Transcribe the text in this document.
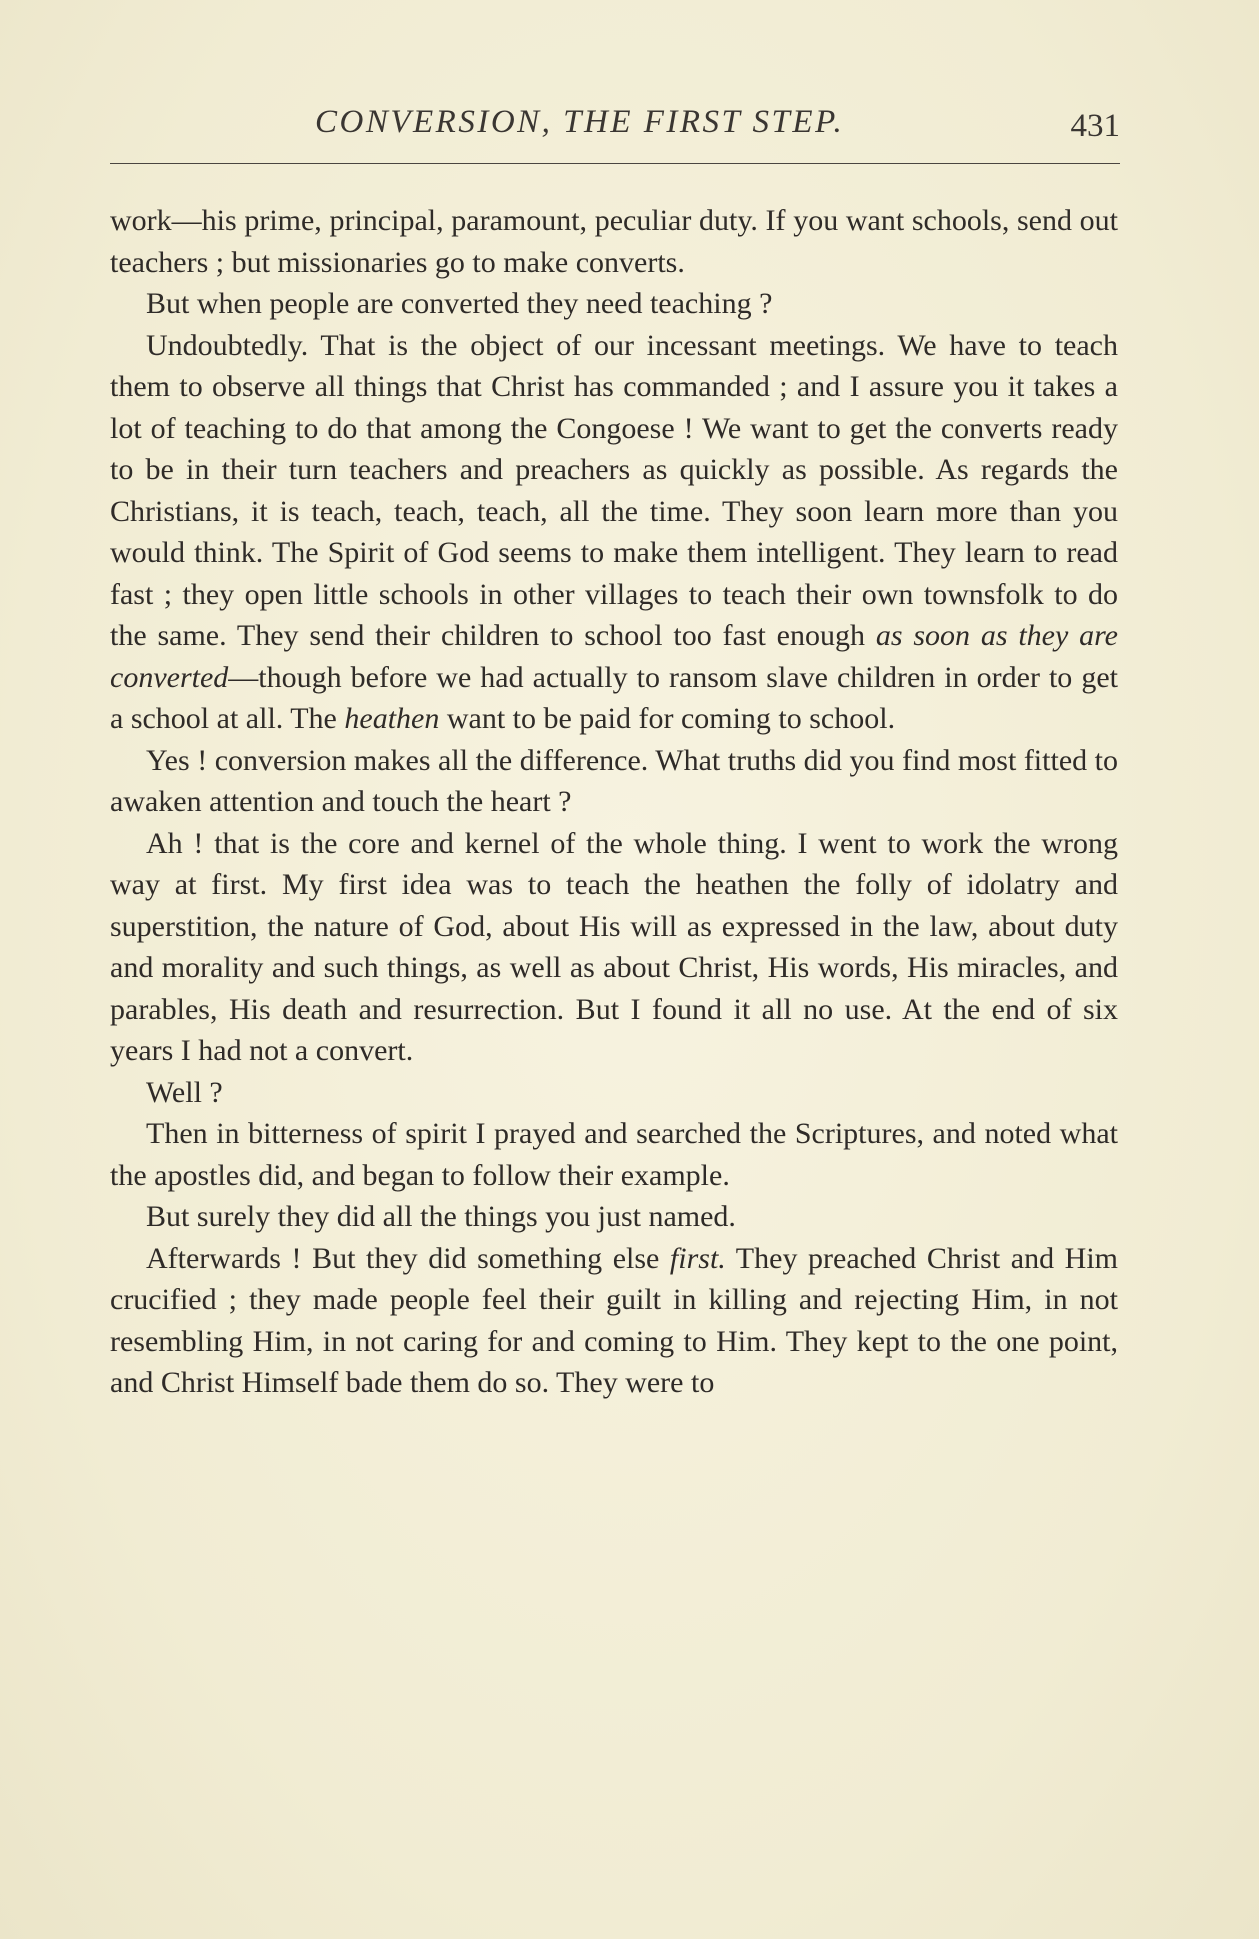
CONVERSION, THE FIRST STEP.	431

work—his prime, principal, paramount, peculiar duty. If you want schools, send out teachers ; but missionaries go to make converts.

But when people are converted they need teaching ?

Undoubtedly. That is the object of our incessant meetings. We have to teach them to observe all things that Christ has commanded ; and I assure you it takes a lot of teaching to do that among the Congoese ! We want to get the converts ready to be in their turn teachers and preachers as quickly as possible. As regards the Christians, it is teach, teach, teach, all the time. They soon learn more than you would think. The Spirit of God seems to make them intelligent. They learn to read fast ; they open little schools in other villages to teach their own townsfolk to do the same. They send their children to school too fast enough as soon as they are converted—though before we had actually to ransom slave children in order to get a school at all. The heathen want to be paid for coming to school.

Yes ! conversion makes all the difference. What truths did you find most fitted to awaken attention and touch the heart ?

Ah ! that is the core and kernel of the whole thing. I went to work the wrong way at first. My first idea was to teach the heathen the folly of idolatry and superstition, the nature of God, about His will as expressed in the law, about duty and morality and such things, as well as about Christ, His words, His miracles, and parables, His death and resurrection. But I found it all no use. At the end of six years I had not a convert.

Well ?

Then in bitterness of spirit I prayed and searched the Scriptures, and noted what the apostles did, and began to follow their example.

But surely they did all the things you just named.

Afterwards ! But they did something else first. They preached Christ and Him crucified ; they made people feel their guilt in killing and rejecting Him, in not resembling Him, in not caring for and coming to Him. They kept to the one point, and Christ Himself bade them do so. They were to
